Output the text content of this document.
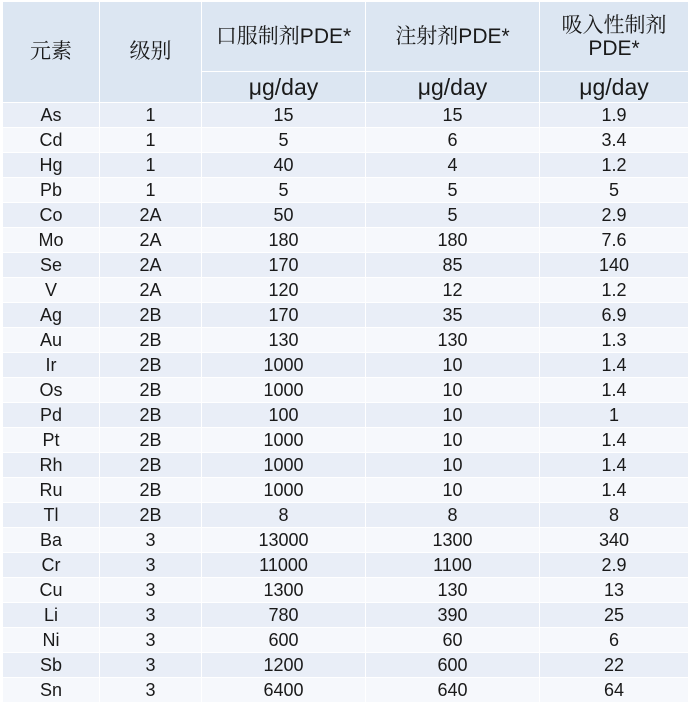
元素	级别	口服制剂PDE*	注射剂PDE*	吸入性制剂PDE*
		μg/day	μg/day	μg/day
As	1	15	15	1.9
Cd	1	5	6	3.4
Hg	1	40	4	1.2
Pb	1	5	5	5
Co	2A	50	5	2.9
Mo	2A	180	180	7.6
Se	2A	170	85	140
V	2A	120	12	1.2
Ag	2B	170	35	6.9
Au	2B	130	130	1.3
Ir	2B	1000	10	1.4
Os	2B	1000	10	1.4
Pd	2B	100	10	1
Pt	2B	1000	10	1.4
Rh	2B	1000	10	1.4
Ru	2B	1000	10	1.4
Tl	2B	8	8	8
Ba	3	13000	1300	340
Cr	3	11000	1100	2.9
Cu	3	1300	130	13
Li	3	780	390	25
Ni	3	600	60	6
Sb	3	1200	600	22
Sn	3	6400	640	64
